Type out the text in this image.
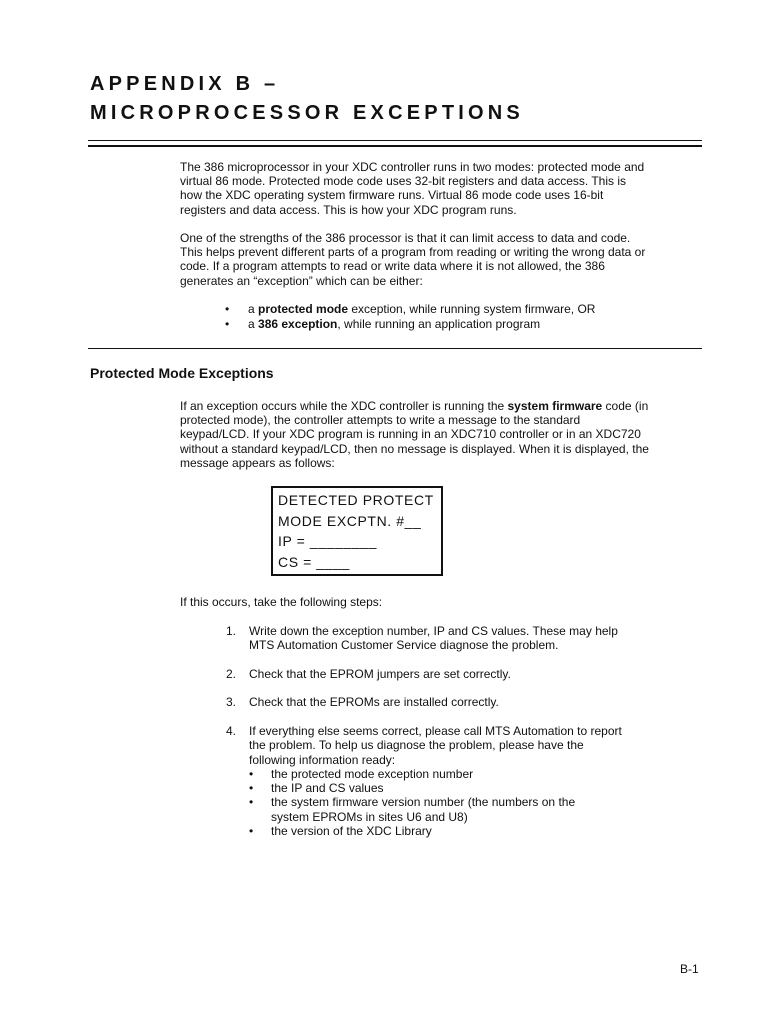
APPENDIX B –
MICROPROCESSOR EXCEPTIONS

The 386 microprocessor in your XDC controller runs in two modes: protected mode and
virtual 86 mode. Protected mode code uses 32-bit registers and data access. This is
how the XDC operating system firmware runs. Virtual 86 mode code uses 16-bit
registers and data access. This is how your XDC program runs.

One of the strengths of the 386 processor is that it can limit access to data and code.
This helps prevent different parts of a program from reading or writing the wrong data or
code. If a program attempts to read or write data where it is not allowed, the 386
generates an “exception” which can be either:

• a protected mode exception, while running system firmware, OR
• a 386 exception, while running an application program
Protected Mode Exceptions

If an exception occurs while the XDC controller is running the system firmware code (in
protected mode), the controller attempts to write a message to the standard
keypad/LCD. If your XDC program is running in an XDC710 controller or in an XDC720
without a standard keypad/LCD, then no message is displayed. When it is displayed, the
message appears as follows:

DETECTED PROTECT
MODE EXCPTN. #__
IP = ________
CS = ____

If this occurs, take the following steps:

1. Write down the exception number, IP and CS values. These may help
MTS Automation Customer Service diagnose the problem.
2. Check that the EPROM jumpers are set correctly.
3. Check that the EPROMs are installed correctly.
4. If everything else seems correct, please call MTS Automation to report
the problem. To help us diagnose the problem, please have the
following information ready:
• the protected mode exception number
• the IP and CS values
• the system firmware version number (the numbers on the
system EPROMs in sites U6 and U8)
• the version of the XDC Library
B-1
